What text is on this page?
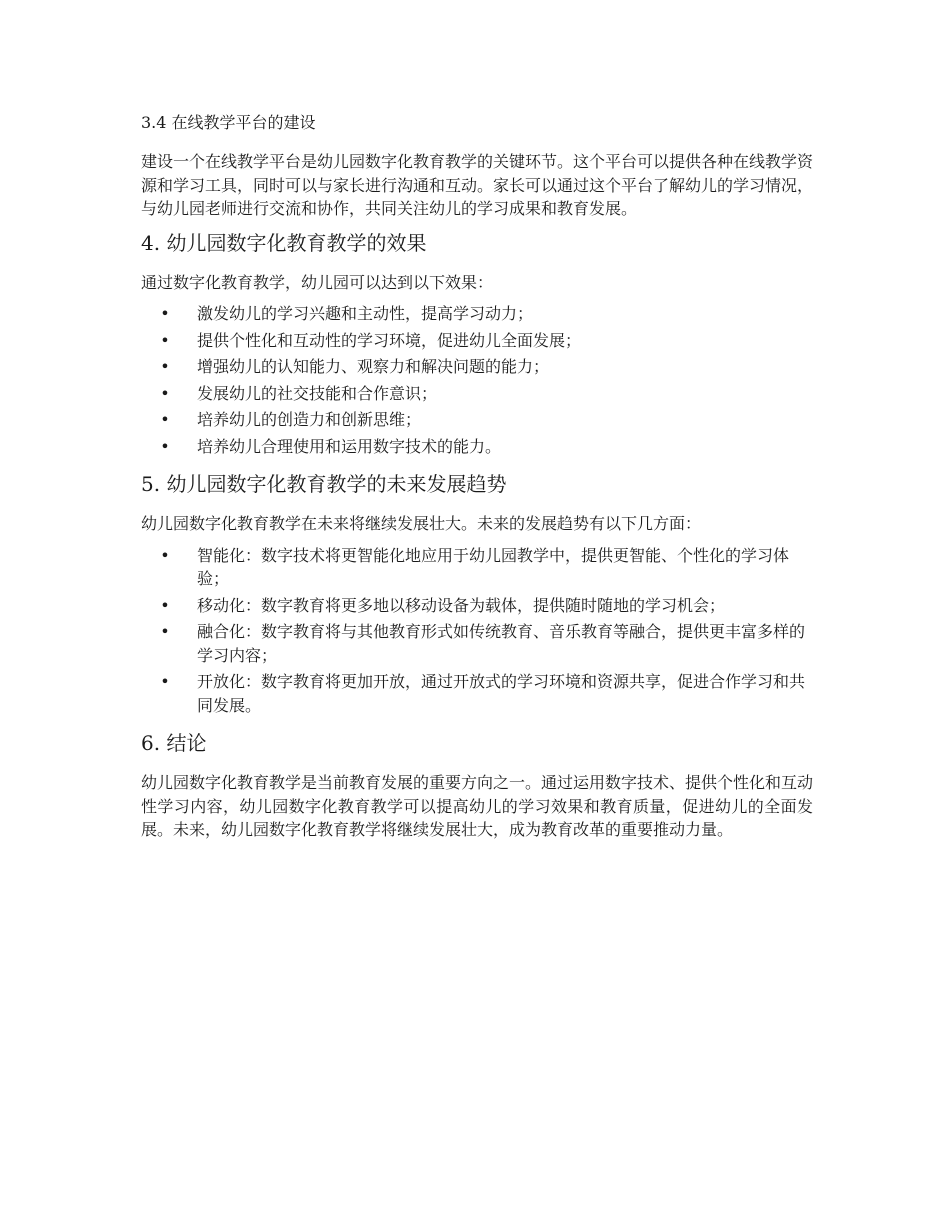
3.4 在线教学平台的建设

建设一个在线教学平台是幼儿园数字化教育教学的关键环节。这个平台可以提供各种在线教学资源和学习工具，同时可以与家长进行沟通和互动。家长可以通过这个平台了解幼儿的学习情况，与幼儿园老师进行交流和协作，共同关注幼儿的学习成果和教育发展。

4. 幼儿园数字化教育教学的效果

通过数字化教育教学，幼儿园可以达到以下效果：

• 激发幼儿的学习兴趣和主动性，提高学习动力；
• 提供个性化和互动性的学习环境，促进幼儿全面发展；
• 增强幼儿的认知能力、观察力和解决问题的能力；
• 发展幼儿的社交技能和合作意识；
• 培养幼儿的创造力和创新思维；
• 培养幼儿合理使用和运用数字技术的能力。
5. 幼儿园数字化教育教学的未来发展趋势

幼儿园数字化教育教学在未来将继续发展壮大。未来的发展趋势有以下几方面：

• 智能化：数字技术将更智能化地应用于幼儿园教学中，提供更智能、个性化的学习体验；
• 移动化：数字教育将更多地以移动设备为载体，提供随时随地的学习机会；
• 融合化：数字教育将与其他教育形式如传统教育、音乐教育等融合，提供更丰富多样的学习内容；
• 开放化：数字教育将更加开放，通过开放式的学习环境和资源共享，促进合作学习和共同发展。
6. 结论

幼儿园数字化教育教学是当前教育发展的重要方向之一。通过运用数字技术、提供个性化和互动性学习内容，幼儿园数字化教育教学可以提高幼儿的学习效果和教育质量，促进幼儿的全面发展。未来，幼儿园数字化教育教学将继续发展壮大，成为教育改革的重要推动力量。
